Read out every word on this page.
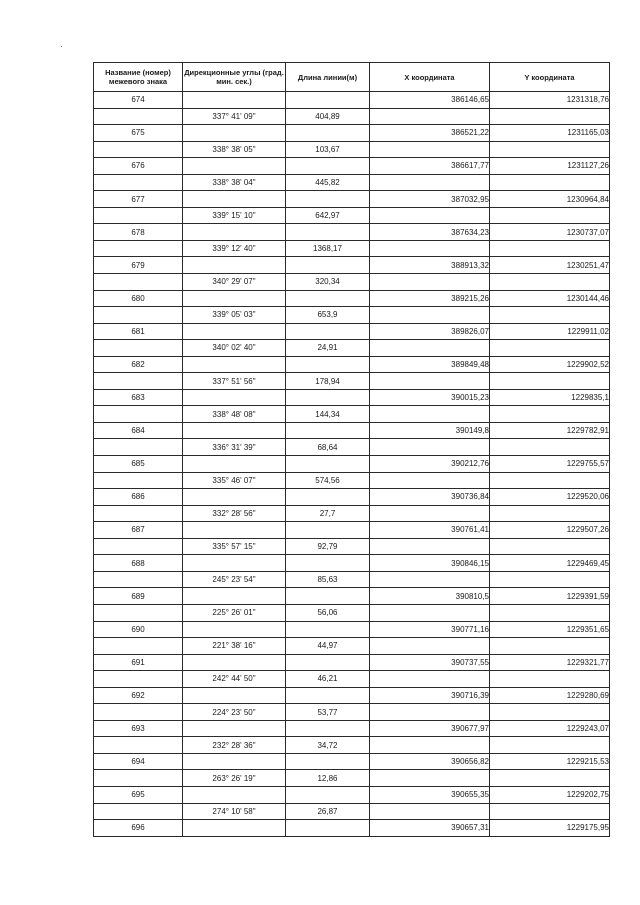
Название (номер) межевого знака	Дирекционные углы (град. мин. сек.)	Длина линии(м)	X координата	Y координата
674			386146,65	1231318,76
	337° 41' 09"	404,89		
675			386521,22	1231165,03
	338° 38' 05"	103,67		
676			386617,77	1231127,26
	338° 38' 04"	445,82		
677			387032,95	1230964,84
	339° 15' 10"	642,97		
678			387634,23	1230737,07
	339° 12' 40"	1368,17		
679			388913,32	1230251,47
	340° 29' 07"	320,34		
680			389215,26	1230144,46
	339° 05' 03"	653,9		
681			389826,07	1229911,02
	340° 02' 40"	24,91		
682			389849,48	1229902,52
	337° 51' 56"	178,94		
683			390015,23	1229835,1
	338° 48' 08"	144,34		
684			390149,8	1229782,91
	336° 31' 39"	68,64		
685			390212,76	1229755,57
	335° 46' 07"	574,56		
686			390736,84	1229520,06
	332° 28' 56"	27,7		
687			390761,41	1229507,26
	335° 57' 15"	92,79		
688			390846,15	1229469,45
	245° 23' 54"	85,63		
689			390810,5	1229391,59
	225° 26' 01"	56,06		
690			390771,16	1229351,65
	221° 38' 16"	44,97		
691			390737,55	1229321,77
	242° 44' 50"	46,21		
692			390716,39	1229280,69
	224° 23' 50"	53,77		
693			390677,97	1229243,07
	232° 28' 36"	34,72		
694			390656,82	1229215,53
	263° 26' 19"	12,86		
695			390655,35	1229202,75
	274° 10' 58"	26,87		
696			390657,31	1229175,95
